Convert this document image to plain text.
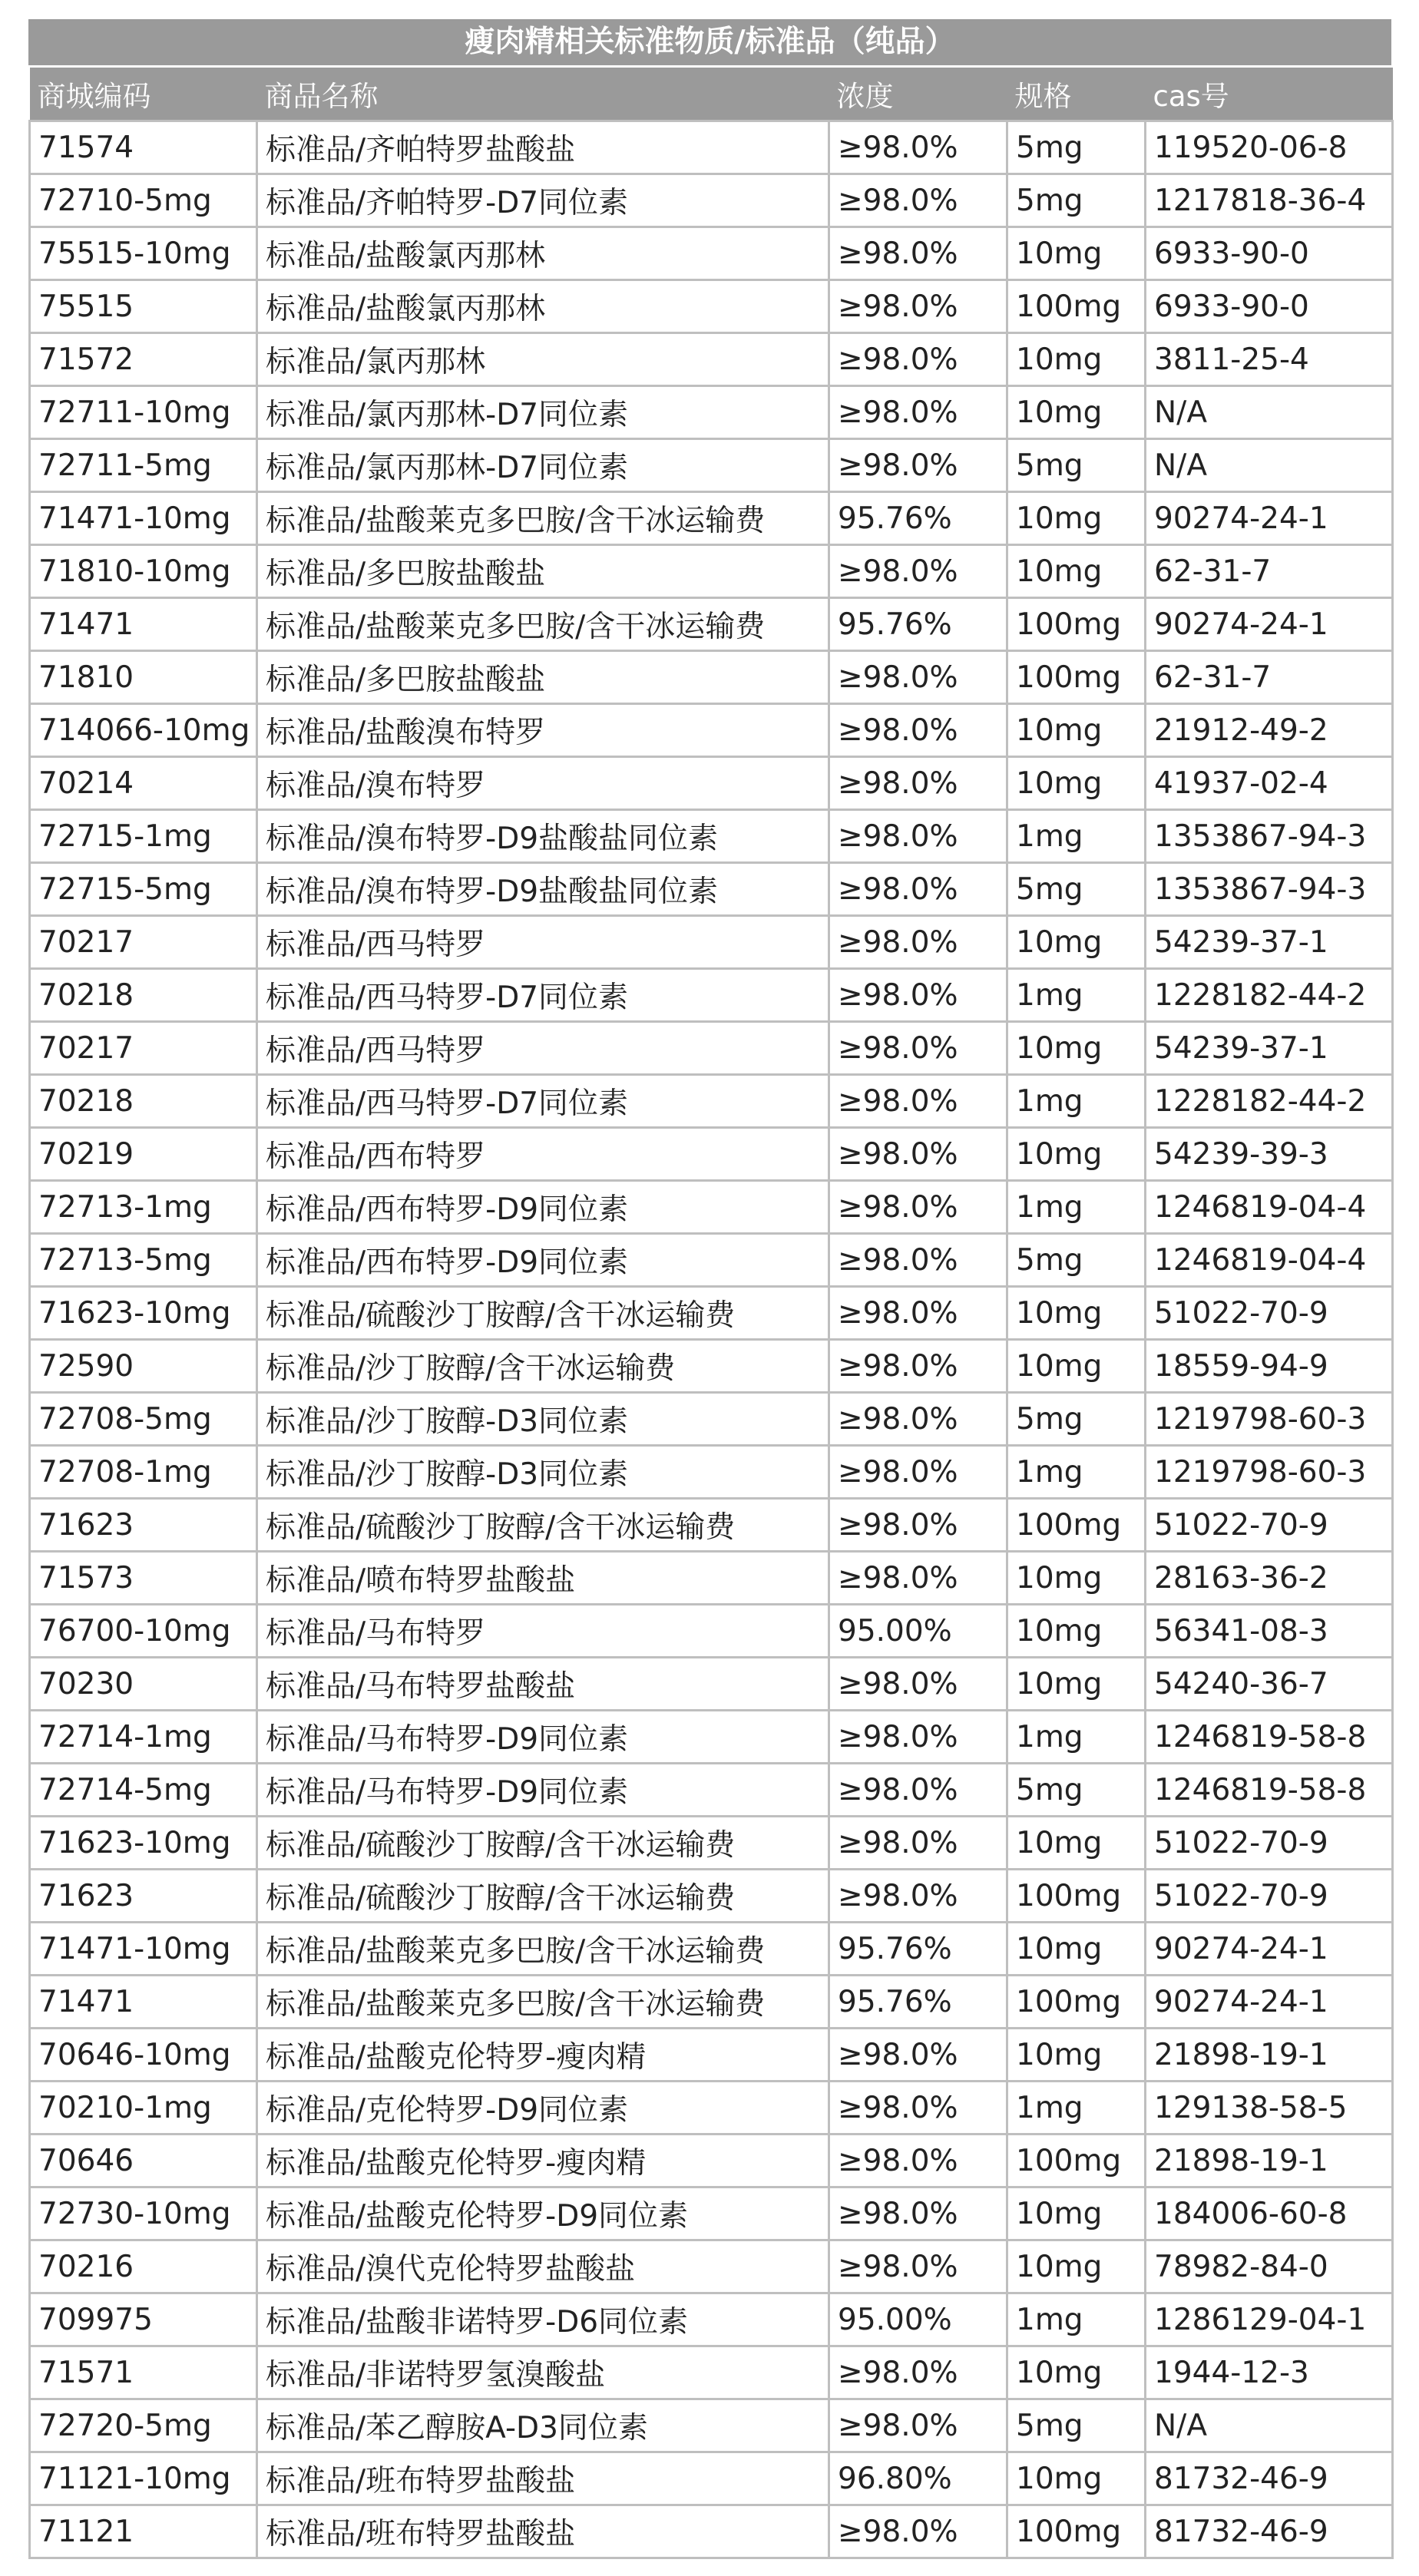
瘦肉精相关标准物质/标准品（纯品）
商城编码	商品名称	浓度	规格	cas号
71574	标准品/齐帕特罗盐酸盐	≥98.0%	5mg	119520-06-8
72710-5mg	标准品/齐帕特罗-D7同位素	≥98.0%	5mg	1217818-36-4
75515-10mg	标准品/盐酸氯丙那林	≥98.0%	10mg	6933-90-0
75515	标准品/盐酸氯丙那林	≥98.0%	100mg	6933-90-0
71572	标准品/氯丙那林	≥98.0%	10mg	3811-25-4
72711-10mg	标准品/氯丙那林-D7同位素	≥98.0%	10mg	N/A
72711-5mg	标准品/氯丙那林-D7同位素	≥98.0%	5mg	N/A
71471-10mg	标准品/盐酸莱克多巴胺/含干冰运输费	95.76%	10mg	90274-24-1
71810-10mg	标准品/多巴胺盐酸盐	≥98.0%	10mg	62-31-7
71471	标准品/盐酸莱克多巴胺/含干冰运输费	95.76%	100mg	90274-24-1
71810	标准品/多巴胺盐酸盐	≥98.0%	100mg	62-31-7
714066-10mg	标准品/盐酸溴布特罗	≥98.0%	10mg	21912-49-2
70214	标准品/溴布特罗	≥98.0%	10mg	41937-02-4
72715-1mg	标准品/溴布特罗-D9盐酸盐同位素	≥98.0%	1mg	1353867-94-3
72715-5mg	标准品/溴布特罗-D9盐酸盐同位素	≥98.0%	5mg	1353867-94-3
70217	标准品/西马特罗	≥98.0%	10mg	54239-37-1
70218	标准品/西马特罗-D7同位素	≥98.0%	1mg	1228182-44-2
70217	标准品/西马特罗	≥98.0%	10mg	54239-37-1
70218	标准品/西马特罗-D7同位素	≥98.0%	1mg	1228182-44-2
70219	标准品/西布特罗	≥98.0%	10mg	54239-39-3
72713-1mg	标准品/西布特罗-D9同位素	≥98.0%	1mg	1246819-04-4
72713-5mg	标准品/西布特罗-D9同位素	≥98.0%	5mg	1246819-04-4
71623-10mg	标准品/硫酸沙丁胺醇/含干冰运输费	≥98.0%	10mg	51022-70-9
72590	标准品/沙丁胺醇/含干冰运输费	≥98.0%	10mg	18559-94-9
72708-5mg	标准品/沙丁胺醇-D3同位素	≥98.0%	5mg	1219798-60-3
72708-1mg	标准品/沙丁胺醇-D3同位素	≥98.0%	1mg	1219798-60-3
71623	标准品/硫酸沙丁胺醇/含干冰运输费	≥98.0%	100mg	51022-70-9
71573	标准品/喷布特罗盐酸盐	≥98.0%	10mg	28163-36-2
76700-10mg	标准品/马布特罗	95.00%	10mg	56341-08-3
70230	标准品/马布特罗盐酸盐	≥98.0%	10mg	54240-36-7
72714-1mg	标准品/马布特罗-D9同位素	≥98.0%	1mg	1246819-58-8
72714-5mg	标准品/马布特罗-D9同位素	≥98.0%	5mg	1246819-58-8
71623-10mg	标准品/硫酸沙丁胺醇/含干冰运输费	≥98.0%	10mg	51022-70-9
71623	标准品/硫酸沙丁胺醇/含干冰运输费	≥98.0%	100mg	51022-70-9
71471-10mg	标准品/盐酸莱克多巴胺/含干冰运输费	95.76%	10mg	90274-24-1
71471	标准品/盐酸莱克多巴胺/含干冰运输费	95.76%	100mg	90274-24-1
70646-10mg	标准品/盐酸克伦特罗-瘦肉精	≥98.0%	10mg	21898-19-1
70210-1mg	标准品/克伦特罗-D9同位素	≥98.0%	1mg	129138-58-5
70646	标准品/盐酸克伦特罗-瘦肉精	≥98.0%	100mg	21898-19-1
72730-10mg	标准品/盐酸克伦特罗-D9同位素	≥98.0%	10mg	184006-60-8
70216	标准品/溴代克伦特罗盐酸盐	≥98.0%	10mg	78982-84-0
709975	标准品/盐酸非诺特罗-D6同位素	95.00%	1mg	1286129-04-1
71571	标准品/非诺特罗氢溴酸盐	≥98.0%	10mg	1944-12-3
72720-5mg	标准品/苯乙醇胺A-D3同位素	≥98.0%	5mg	N/A
71121-10mg	标准品/班布特罗盐酸盐	96.80%	10mg	81732-46-9
71121	标准品/班布特罗盐酸盐	≥98.0%	100mg	81732-46-9
